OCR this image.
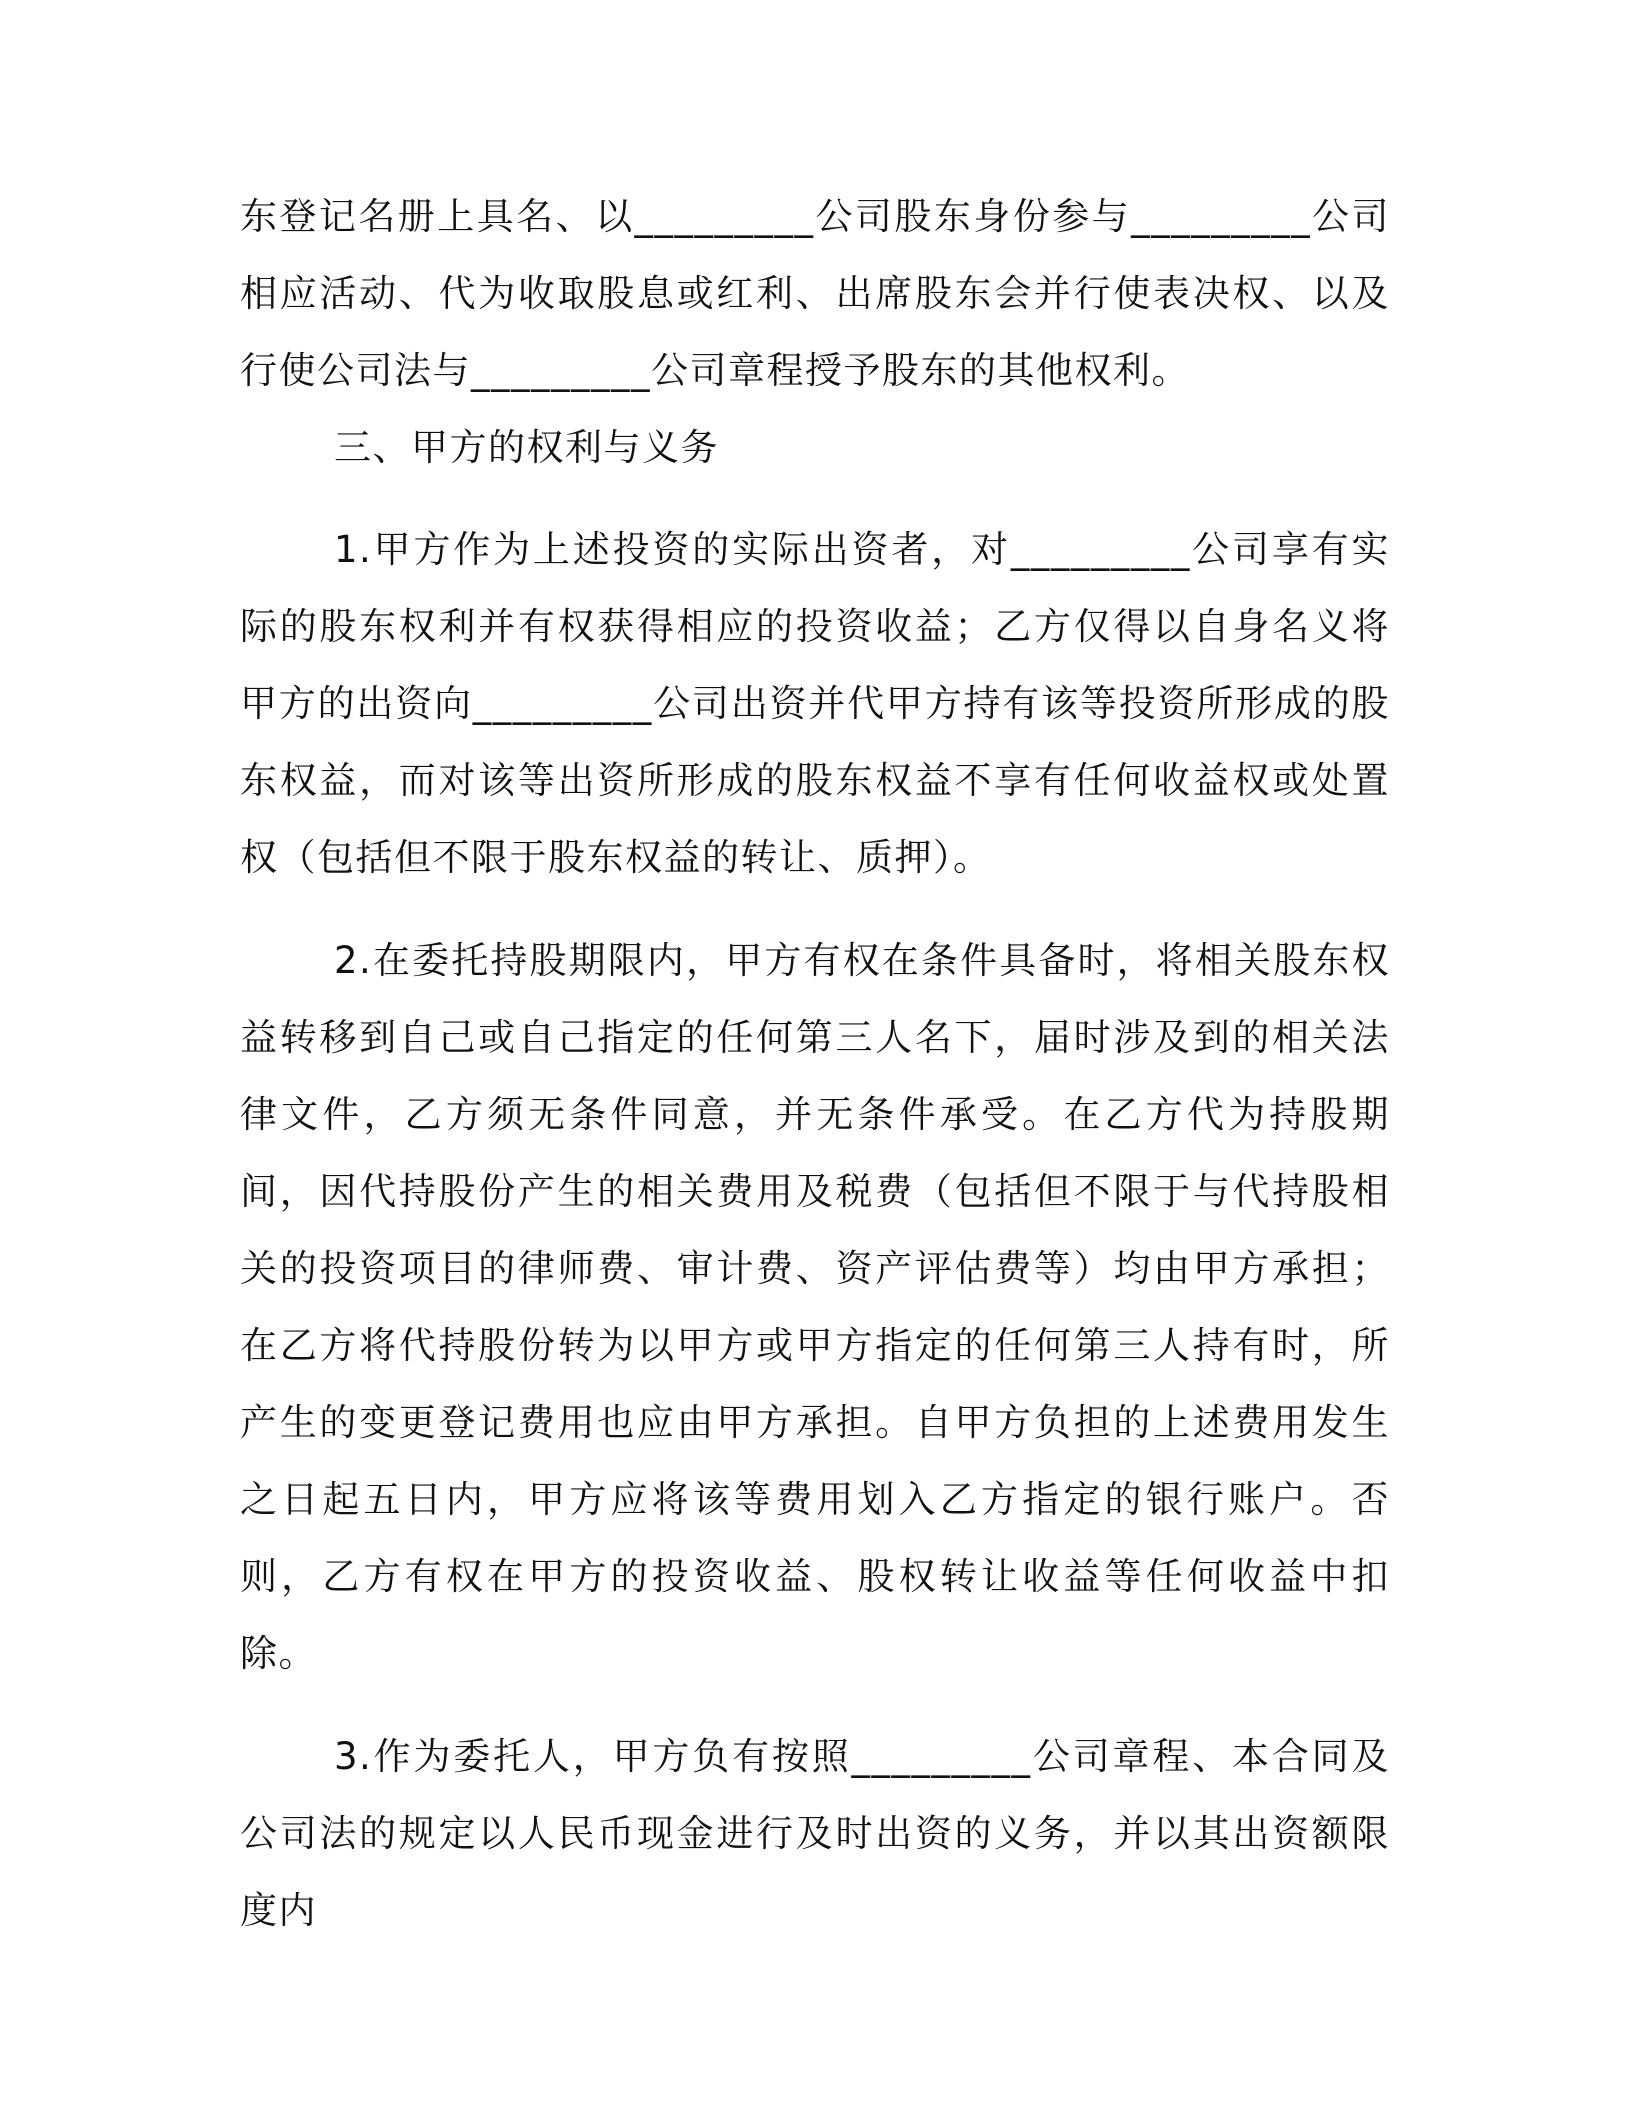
东登记名册上具名、以_________公司股东身份参与_________公司相应活动、代为收取股息或红利、出席股东会并行使表决权、以及行使公司法与_________公司章程授予股东的其他权利。

三、甲方的权利与义务

1.甲方作为上述投资的实际出资者，对_________公司享有实际的股东权利并有权获得相应的投资收益；乙方仅得以自身名义将甲方的出资向_________公司出资并代甲方持有该等投资所形成的股东权益，而对该等出资所形成的股东权益不享有任何收益权或处置权（包括但不限于股东权益的转让、质押）。

2.在委托持股期限内，甲方有权在条件具备时，将相关股东权益转移到自己或自己指定的任何第三人名下，届时涉及到的相关法律文件，乙方须无条件同意，并无条件承受。在乙方代为持股期间，因代持股份产生的相关费用及税费（包括但不限于与代持股相关的投资项目的律师费、审计费、资产评估费等）均由甲方承担；在乙方将代持股份转为以甲方或甲方指定的任何第三人持有时，所产生的变更登记费用也应由甲方承担。自甲方负担的上述费用发生之日起五日内，甲方应将该等费用划入乙方指定的银行账户。否则，乙方有权在甲方的投资收益、股权转让收益等任何收益中扣除。

3.作为委托人，甲方负有按照_________公司章程、本合同及公司法的规定以人民币现金进行及时出资的义务，并以其出资额限度内
